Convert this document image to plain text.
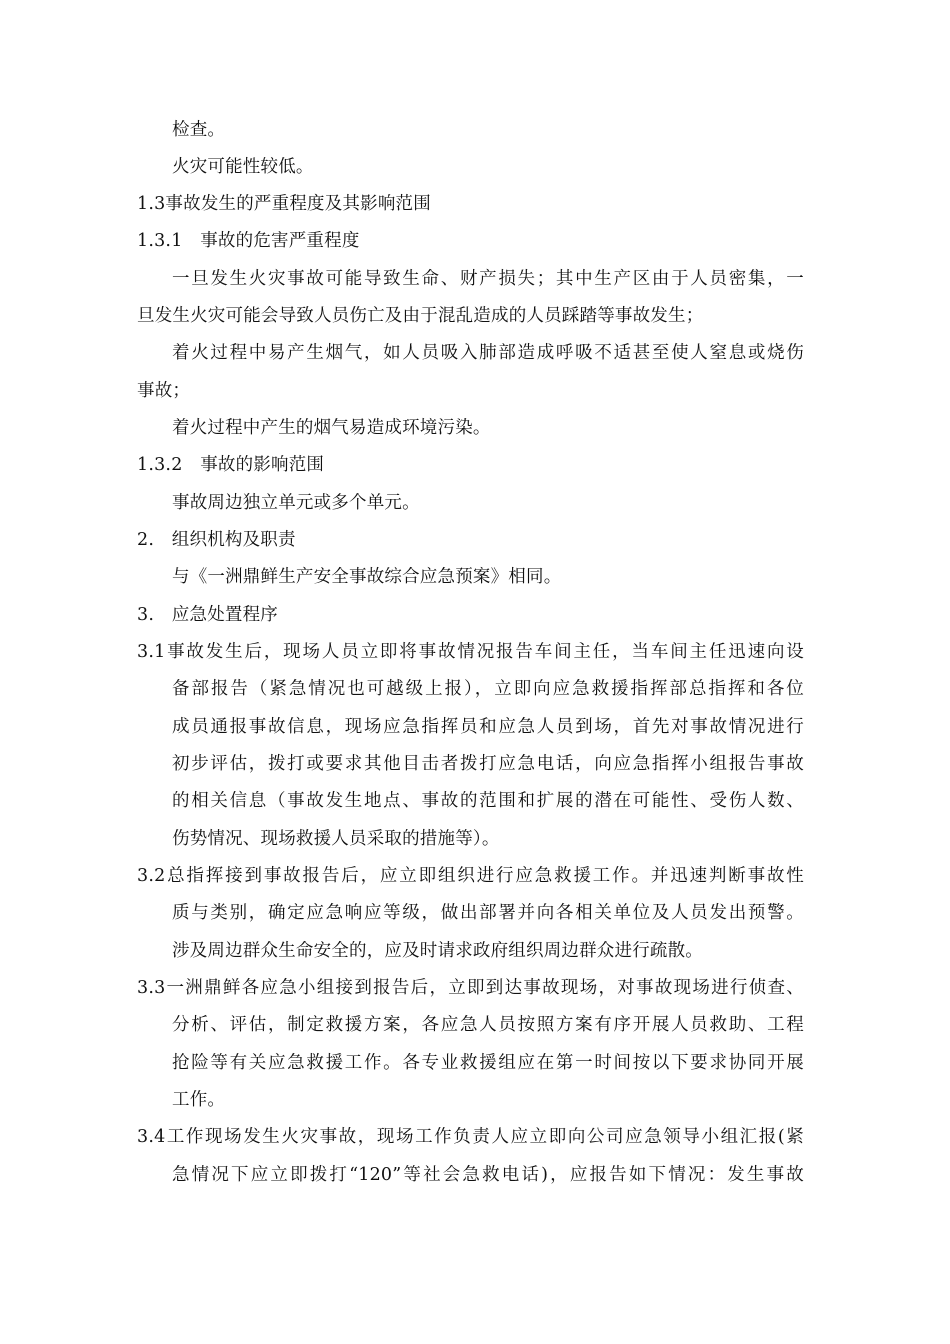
检查。
火灾可能性较低。
1.3事故发生的严重程度及其影响范围
1.3.1　事故的危害严重程度
一旦发生火灾事故可能导致生命、财产损失；其中生产区由于人员密集，一
旦发生火灾可能会导致人员伤亡及由于混乱造成的人员踩踏等事故发生；
着火过程中易产生烟气，如人员吸入肺部造成呼吸不适甚至使人窒息或烧伤
事故；
着火过程中产生的烟气易造成环境污染。
1.3.2　事故的影响范围
事故周边独立单元或多个单元。
2.　组织机构及职责
与《一洲鼎鲜生产安全事故综合应急预案》相同。
3.　应急处置程序
3.1事故发生后，现场人员立即将事故情况报告车间主任，当车间主任迅速向设
备部报告（紧急情况也可越级上报），立即向应急救援指挥部总指挥和各位
成员通报事故信息，现场应急指挥员和应急人员到场，首先对事故情况进行
初步评估，拨打或要求其他目击者拨打应急电话，向应急指挥小组报告事故
的相关信息（事故发生地点、事故的范围和扩展的潜在可能性、受伤人数、
伤势情况、现场救援人员采取的措施等）。
3.2总指挥接到事故报告后，应立即组织进行应急救援工作。并迅速判断事故性
质与类别，确定应急响应等级，做出部署并向各相关单位及人员发出预警。
涉及周边群众生命安全的，应及时请求政府组织周边群众进行疏散。
3.3一洲鼎鲜各应急小组接到报告后，立即到达事故现场，对事故现场进行侦查、
分析、评估，制定救援方案，各应急人员按照方案有序开展人员救助、工程
抢险等有关应急救援工作。各专业救援组应在第一时间按以下要求协同开展
工作。
3.4工作现场发生火灾事故，现场工作负责人应立即向公司应急领导小组汇报(紧
急情况下应立即拨打“120”等社会急救电话)，应报告如下情况：发生事故
